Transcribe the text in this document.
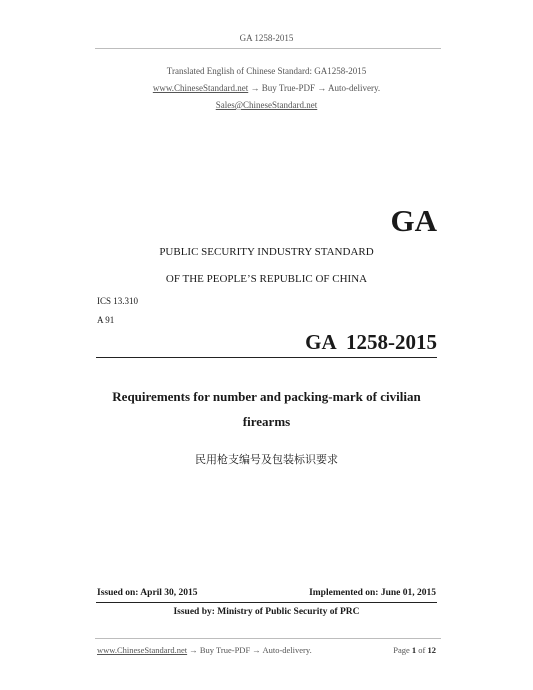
GA 1258-2015
Translated English of Chinese Standard: GA1258-2015
www.ChineseStandard.net → Buy True-PDF → Auto-delivery.
Sales@ChineseStandard.net
GA
PUBLIC SECURITY INDUSTRY STANDARD
OF THE PEOPLE’S REPUBLIC OF CHINA
ICS 13.310
A 91
GA  1258-2015
Requirements for number and packing-mark of civilian
firearms
民用枪支编号及包装标识要求
Issued on: April 30, 2015	Implemented on: June 01, 2015
Issued by: Ministry of Public Security of PRC
www.ChineseStandard.net → Buy True-PDF → Auto-delivery.	Page 1 of 12
